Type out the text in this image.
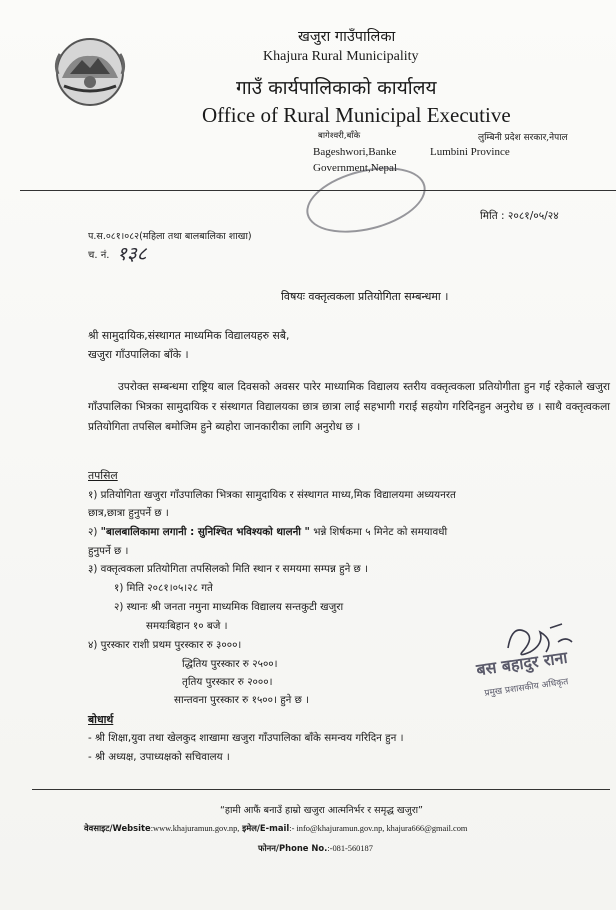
खजुरा गाउँपालिका
Khajura Rural Municipality
गाउँ कार्यपालिकाको कार्यालय
Office of Rural Municipal Executive
बागेश्वरी,बाँके
Bageshwori,Banke
Government,Nepal
लुम्बिनी प्रदेश सरकार,नेपाल
Lumbini Province
प.स.०८१।०८२(महिला तथा बालबालिका शाखा)
च. नं. १३८
मिति : २०८१/०५/२४
विषयः वक्तृत्वकला प्रतियोगिता सम्बन्धमा ।
श्री सामुदायिक,संस्थागत माध्यमिक विद्यालयहरु सबै,
खजुरा गाँउपालिका बाँके ।
उपरोक्त सम्बन्धमा राष्ट्रिय बाल दिवसको अवसर पारेर माध्यामिक विद्यालय स्तरीय वक्तृत्वकला प्रतियोगीता हुन गई रहेकाले खजुरा गाँउपालिका भित्रका सामुदायिक र संस्थागत विद्यालयका छात्र छात्रा लाई सहभागी गराई सहयोग गरिदिनहुन अनुरोध छ । साथै वक्तृत्वकला प्रतियोगिता तपसिल बमोजिम हुने ब्यहोरा जानकारीका लागि अनुरोध छ ।
तपसिल
१) प्रतियोगिता खजुरा गाँउपालिका भित्रका सामुदायिक र संस्थागत माध्य,मिक विद्यालयमा अध्ययनरत
छात्र,छात्रा हुनुपर्ने छ ।
२) "बालबालिकामा लगानी : सुनिश्चित भविश्यको थालनी " भन्ने शिर्षकमा ५ मिनेट को समयावधी
हुनुपर्ने छ ।
३) वक्तृत्वकला प्रतियोगिता तपसिलको मिति स्थान र समयमा सम्पन्न हुने छ ।
१) मिति २०८१।०५।२८ गते
२) स्थानः श्री जनता नमुना माध्यमिक विद्यालय सन्तकुटी खजुरा
समयःबिहान १० बजे ।
४) पुरस्कार राशी प्रथम पुरस्कार रु ३०००।
द्धितिय पुरस्कार रु २५००।
तृतिय पुरस्कार रु २०००।
सान्तवना पुरस्कार रु १५००। हुने छ ।
बस बहादुर राना
प्रमुख प्रशासकीय अधिकृत
बोधार्थ
- श्री शिक्षा,युवा तथा खेलकुद शाखामा खजुरा गाँउपालिका बाँके समन्वय गरिदिन हुन ।
- श्री अध्यक्ष, उपाध्यक्षको सचिवालय ।
“हामी आफैं बनाउँ हाम्रो खजुरा आत्मनिर्भर र समृद्ध खजुरा”
वेवसाइट/Website:www.khajuramun.gov.np, इमेल/E-mail:- info@khajuramun.gov.np, khajura666@gmail.com
फोनन/Phone No.:-081-560187
